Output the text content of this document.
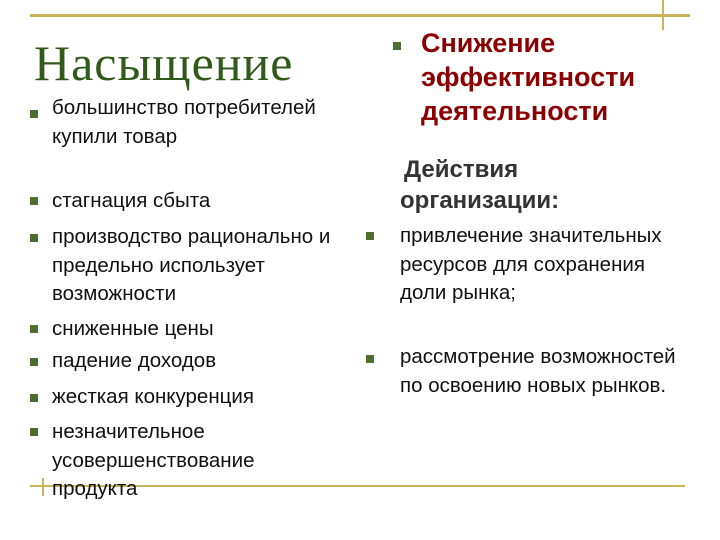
Насыщение
большинство потребителей купили товар
стагнация сбыта
производство рационально и предельно использует возможности
сниженные цены
падение доходов
жесткая конкуренция
незначительное усовершенствование продукта
Снижение
эффективности
деятельности
Действия
организации:
привлечение значительных ресурсов для сохранения доли рынка;
рассмотрение возможностей по освоению новых рынков.
